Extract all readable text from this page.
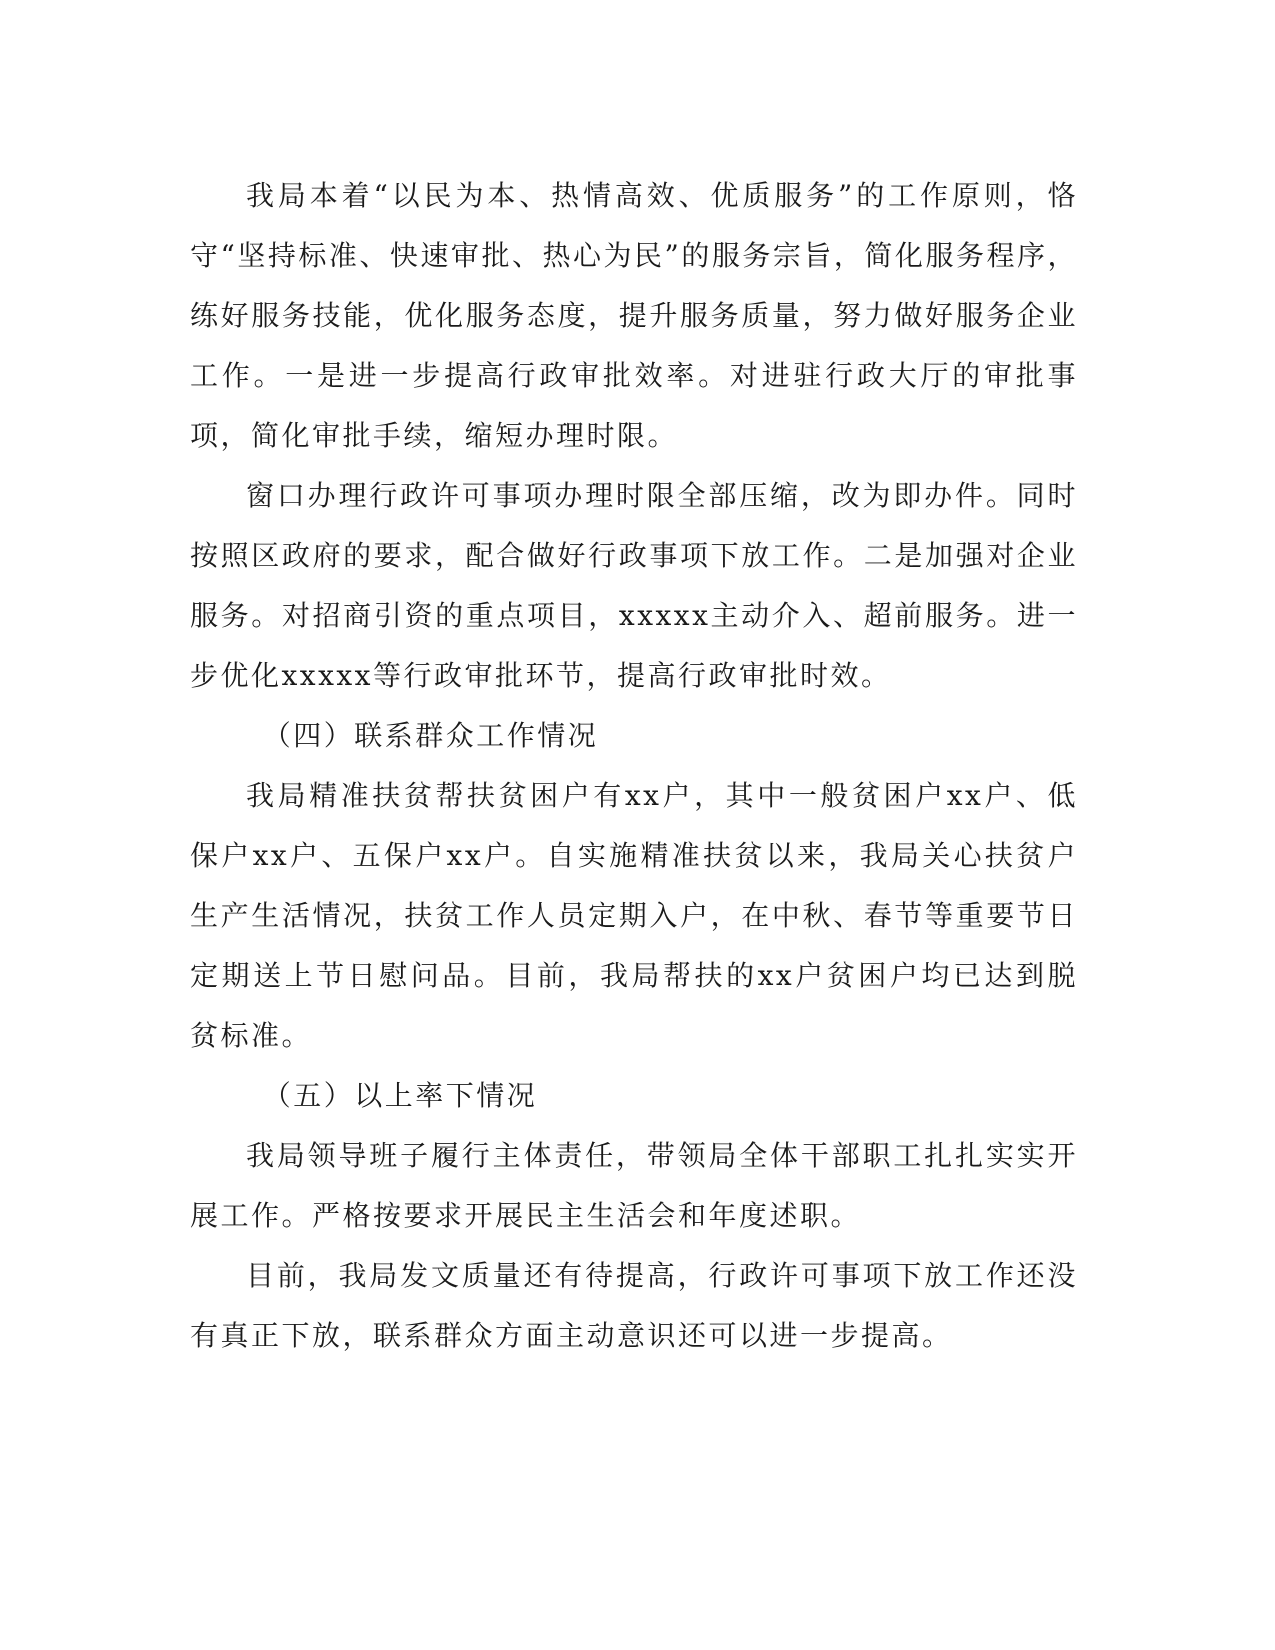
我局本着“以民为本、热情高效、优质服务”的工作原则，恪守“坚持标准、快速审批、热心为民”的服务宗旨，简化服务程序，练好服务技能，优化服务态度，提升服务质量，努力做好服务企业工作。一是进一步提高行政审批效率。对进驻行政大厅的审批事项，简化审批手续，缩短办理时限。

窗口办理行政许可事项办理时限全部压缩，改为即办件。同时按照区政府的要求，配合做好行政事项下放工作。二是加强对企业服务。对招商引资的重点项目，xxxxx主动介入、超前服务。进一步优化xxxxx等行政审批环节，提高行政审批时效。

（四）联系群众工作情况

我局精准扶贫帮扶贫困户有xx户，其中一般贫困户xx户、低保户xx户、五保户xx户。自实施精准扶贫以来，我局关心扶贫户生产生活情况，扶贫工作人员定期入户，在中秋、春节等重要节日定期送上节日慰问品。目前，我局帮扶的xx户贫困户均已达到脱贫标准。

（五）以上率下情况

我局领导班子履行主体责任，带领局全体干部职工扎扎实实开展工作。严格按要求开展民主生活会和年度述职。

目前，我局发文质量还有待提高，行政许可事项下放工作还没有真正下放，联系群众方面主动意识还可以进一步提高。
